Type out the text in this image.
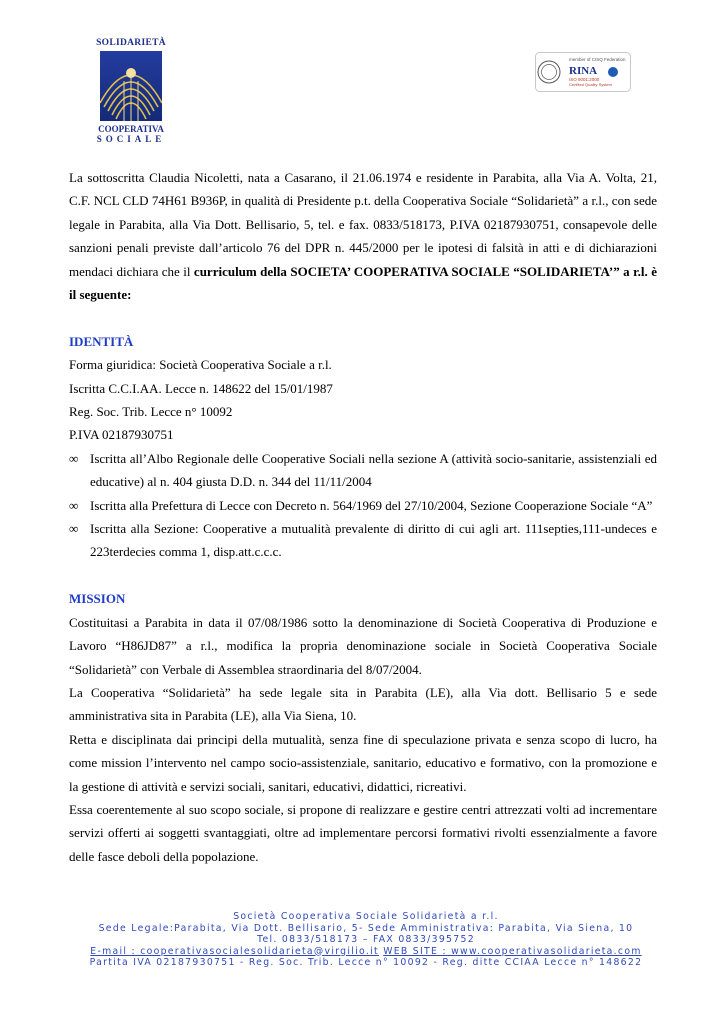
SOLIDARIETÀ
COOPERATIVA
SOCIALE
member of CISQ Federation
RINA
ISO 9001:2000
Certified Quality System

La sottoscritta Claudia Nicoletti, nata a Casarano, il 21.06.1974 e residente in Parabita, alla Via A. Volta, 21, C.F. NCL CLD 74H61 B936P, in qualità di Presidente p.t. della Cooperativa Sociale “Solidarietà” a r.l., con sede legale in Parabita, alla Via Dott. Bellisario, 5, tel. e fax. 0833/518173, P.IVA 02187930751, consapevole delle sanzioni penali previste dall’articolo 76 del DPR n. 445/2000 per le ipotesi di falsità in atti e di dichiarazioni mendaci dichiara che il curriculum della SOCIETA’ COOPERATIVA SOCIALE “SOLIDARIETA’” a r.l. è il seguente:

IDENTITÀ

Forma giuridica: Società Cooperativa Sociale a r.l.

Iscritta C.C.I.AA. Lecce n. 148622 del 15/01/1987

Reg. Soc. Trib. Lecce n° 10092

P.IVA 02187930751

∞ Iscritta all’Albo Regionale delle Cooperative Sociali nella sezione A (attività socio-sanitarie, assistenziali ed educative) al n. 404 giusta D.D. n. 344 del 11/11/2004
∞ Iscritta alla Prefettura di Lecce con Decreto n. 564/1969 del 27/10/2004, Sezione Cooperazione Sociale “A”
∞ Iscritta alla Sezione: Cooperative a mutualità prevalente di diritto di cui agli art. 111septies,111-undeces e 223terdecies comma 1, disp.att.c.c.c.

MISSION

Costituitasi a Parabita in data il 07/08/1986 sotto la denominazione di Società Cooperativa di Produzione e Lavoro “H86JD87” a r.l., modifica la propria denominazione sociale in Società Cooperativa Sociale “Solidarietà” con Verbale di Assemblea straordinaria del 8/07/2004.

La Cooperativa “Solidarietà” ha sede legale sita in Parabita (LE), alla Via dott. Bellisario 5 e sede amministrativa sita in Parabita (LE), alla Via Siena, 10.

Retta e disciplinata dai principi della mutualità, senza fine di speculazione privata e senza scopo di lucro, ha come mission l’intervento nel campo socio-assistenziale, sanitario, educativo e formativo, con la promozione e la gestione di attività e servizi sociali, sanitari, educativi, didattici, ricreativi.

Essa coerentemente al suo scopo sociale, si propone di realizzare e gestire centri attrezzati volti ad incrementare servizi offerti ai soggetti svantaggiati, oltre ad implementare percorsi formativi rivolti essenzialmente a favore delle fasce deboli della popolazione.

Società Cooperativa Sociale Solidarietà a r.l.
Sede Legale:Parabita, Via Dott. Bellisario, 5- Sede Amministrativa: Parabita, Via Siena, 10
Tel. 0833/518173 – FAX 0833/395752
E-mail : cooperativasocialesolidarieta@virgilio.it WEB SITE : www.cooperativasolidarieta.com
Partita IVA 02187930751 - Reg. Soc. Trib. Lecce n° 10092 - Reg. ditte CCIAA Lecce n° 148622
